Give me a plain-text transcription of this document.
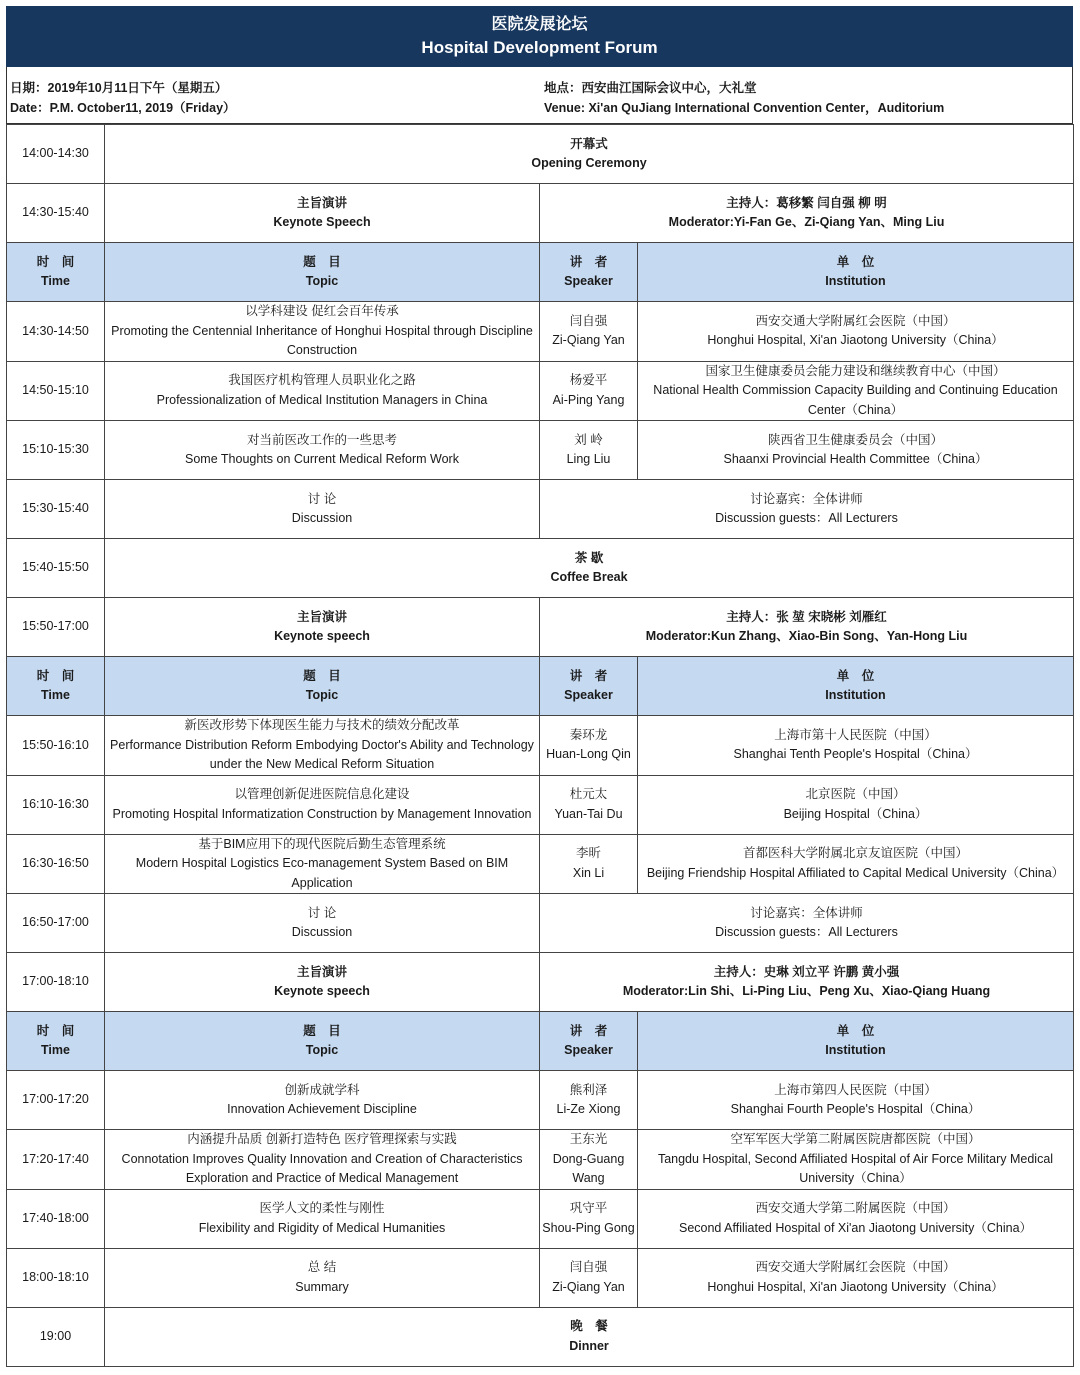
医院发展论坛
Hospital Development Forum
日期：2019年10月11日下午（星期五）
Date：P.M. October11, 2019（Friday）
地点：西安曲江国际会议中心，大礼堂
Venue: Xi'an QuJiang International Convention Center，Auditorium
14:00-14:30	开幕式
Opening Ceremony		

14:30-15:40	主旨演讲
Keynote Speech	主持人：葛移繁 闫自强 柳 明
Moderator:Yi-Fan Ge、Zi-Qiang Yan、Ming Liu	

时　间
Time	题　目
Topic	讲　者
Speaker	单　位
Institution

14:30-14:50	以学科建设 促红会百年传承
Promoting the Centennial Inheritance of Honghui Hospital through Discipline Construction	闫自强
Zi-Qiang Yan	西安交通大学附属红会医院（中国）
Honghui Hospital, Xi'an Jiaotong University（China）

14:50-15:10	我国医疗机构管理人员职业化之路
Professionalization of Medical Institution Managers in China	杨爱平
Ai-Ping Yang	国家卫生健康委员会能力建设和继续教育中心（中国）
National Health Commission Capacity Building and Continuing Education Center（China）

15:10-15:30	对当前医改工作的一些思考
Some Thoughts on Current Medical Reform Work	刘 岭
Ling Liu	陕西省卫生健康委员会（中国）
Shaanxi Provincial Health Committee（China）

15:30-15:40	讨 论
Discussion	讨论嘉宾：全体讲师
Discussion guests：All Lecturers	

15:40-15:50	茶 歇
Coffee Break		

15:50-17:00	主旨演讲
Keynote speech	主持人：张 堃 宋晓彬 刘雁红
Moderator:Kun Zhang、Xiao-Bin Song、Yan-Hong Liu	

时　间
Time	题　目
Topic	讲　者
Speaker	单　位
Institution

15:50-16:10	新医改形势下体现医生能力与技术的绩效分配改革
Performance Distribution Reform Embodying Doctor's Ability and Technology under the New Medical Reform Situation	秦环龙
Huan-Long Qin	上海市第十人民医院（中国）
Shanghai Tenth People's Hospital（China）

16:10-16:30	以管理创新促进医院信息化建设
Promoting Hospital Informatization Construction by Management Innovation	杜元太
Yuan-Tai Du	北京医院（中国）
Beijing Hospital（China）

16:30-16:50	基于BIM应用下的现代医院后勤生态管理系统
Modern Hospital Logistics Eco-management System Based on BIM Application	李昕
Xin Li	首都医科大学附属北京友谊医院（中国）
Beijing Friendship Hospital Affiliated to Capital Medical University（China）

16:50-17:00	讨 论
Discussion	讨论嘉宾：全体讲师
Discussion guests：All Lecturers	

17:00-18:10	主旨演讲
Keynote speech	主持人：史琳 刘立平 许鹏 黄小强
Moderator:Lin Shi、Li-Ping Liu、Peng Xu、Xiao-Qiang Huang	

时　间
Time	题　目
Topic	讲　者
Speaker	单　位
Institution

17:00-17:20	创新成就学科
Innovation Achievement Discipline	熊利泽
Li-Ze Xiong	上海市第四人民医院（中国）
Shanghai Fourth People's Hospital（China）

17:20-17:40	内涵提升品质 创新打造特色 医疗管理探索与实践
Connotation Improves Quality Innovation and Creation of Characteristics Exploration and Practice of Medical Management	王东光
Dong-Guang Wang	空军军医大学第二附属医院唐都医院（中国）
Tangdu Hospital, Second Affiliated Hospital of Air Force Military Medical University（China）

17:40-18:00	医学人文的柔性与刚性
Flexibility and Rigidity of Medical Humanities	巩守平
Shou-Ping Gong	西安交通大学第二附属医院（中国）
Second Affiliated Hospital of Xi'an Jiaotong University（China）

18:00-18:10	总 结
Summary	闫自强
Zi-Qiang Yan	西安交通大学附属红会医院（中国）
Honghui Hospital, Xi'an Jiaotong University（China）

19:00	晚　餐
Dinner		
